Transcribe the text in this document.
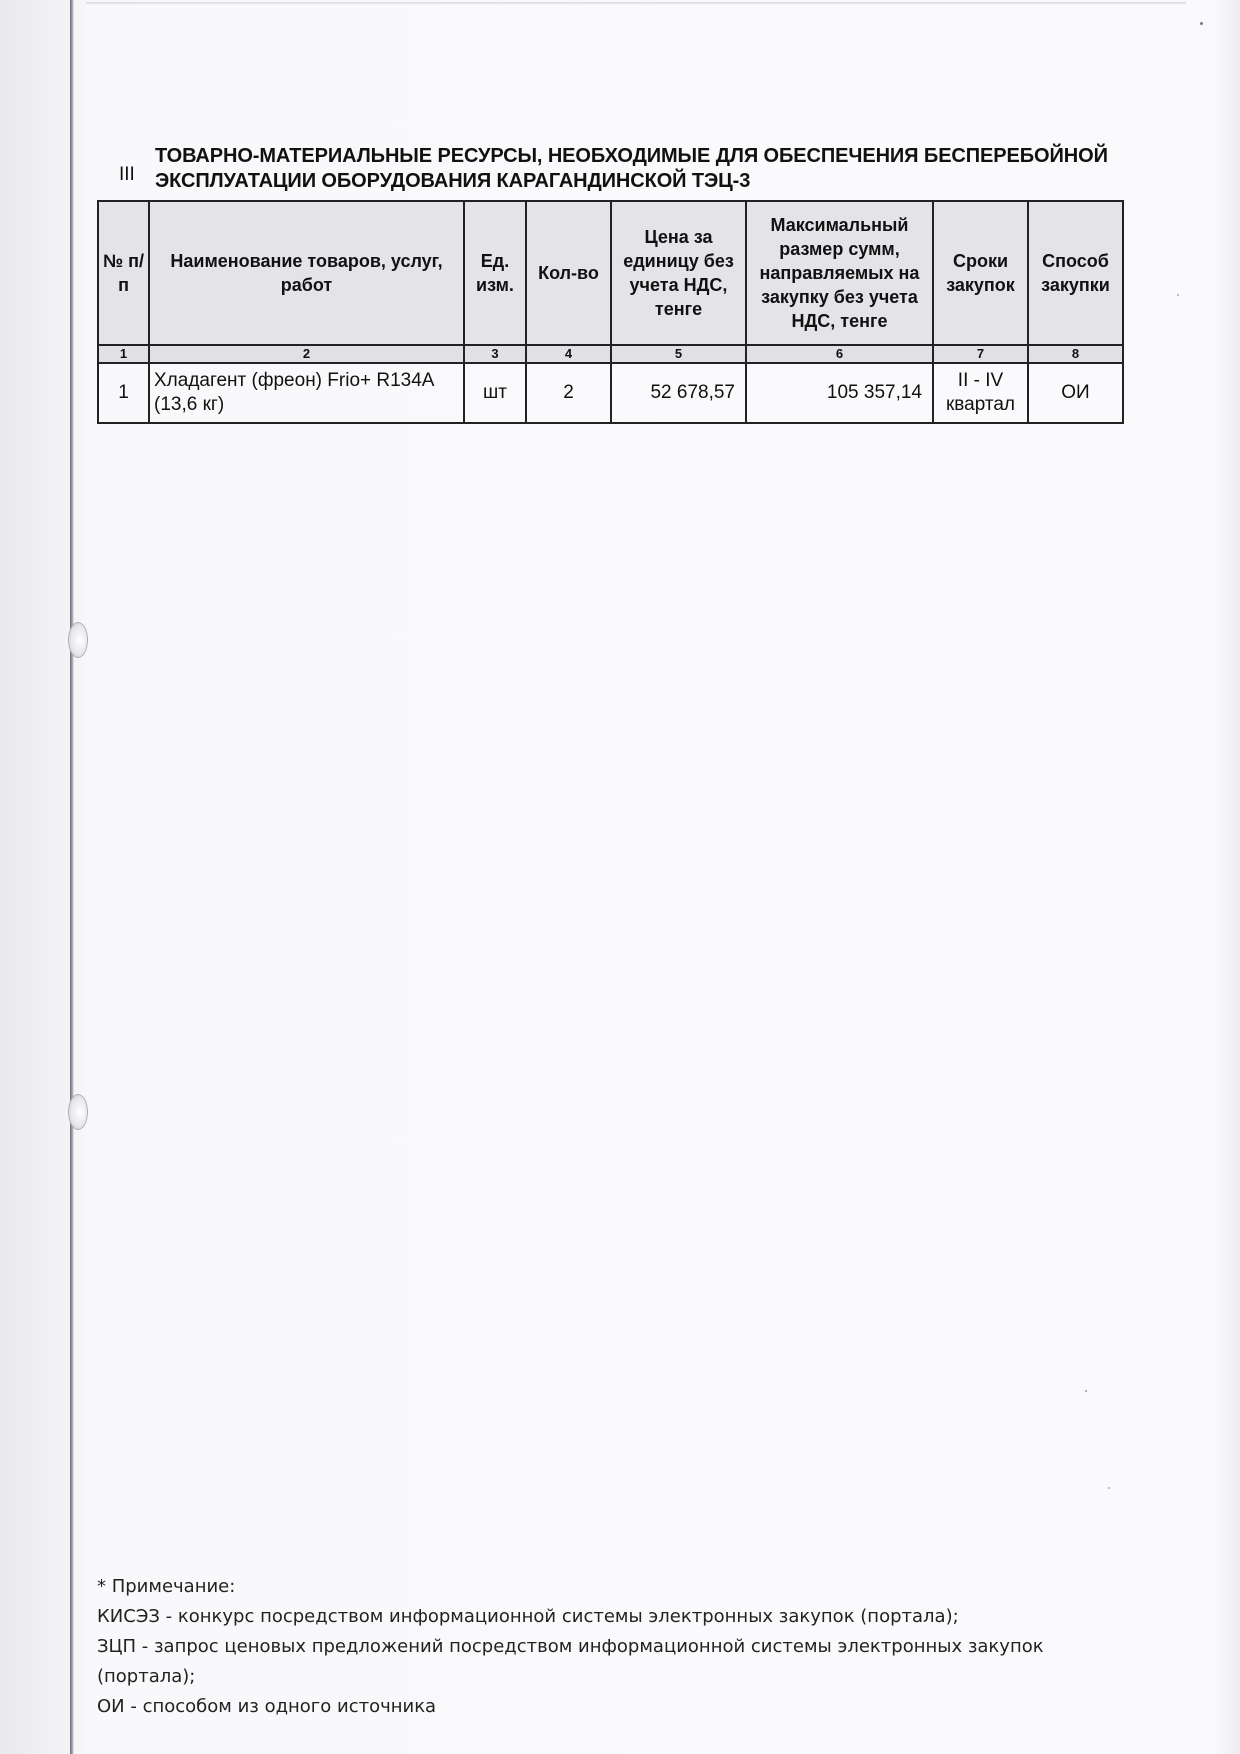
III
ТОВАРНО-МАТЕРИАЛЬНЫЕ РЕСУРСЫ, НЕОБХОДИМЫЕ ДЛЯ ОБЕСПЕЧЕНИЯ БЕСПЕРЕБОЙНОЙ ЭКСПЛУАТАЦИИ ОБОРУДОВАНИЯ КАРАГАНДИНСКОЙ ТЭЦ-3
№ п/п	Наименование товаров, услуг, работ	Ед. изм.	Кол-во	Цена за единицу без учета НДС, тенге	Максимальный размер сумм, направляемых на закупку без учета НДС, тенге	Сроки закупок	Способ закупки
1	2	3	4	5	6	7	8
1	Хладагент (фреон) Frio+ R134A (13,6 кг)	шт	2	52 678,57	105 357,14	II - IV квартал	ОИ
* Примечание:
КИСЭЗ - конкурс посредством информационной системы электронных закупок (портала);
ЗЦП - запрос ценовых предложений посредством информационной системы электронных закупок (портала);
ОИ - способом из одного источника
